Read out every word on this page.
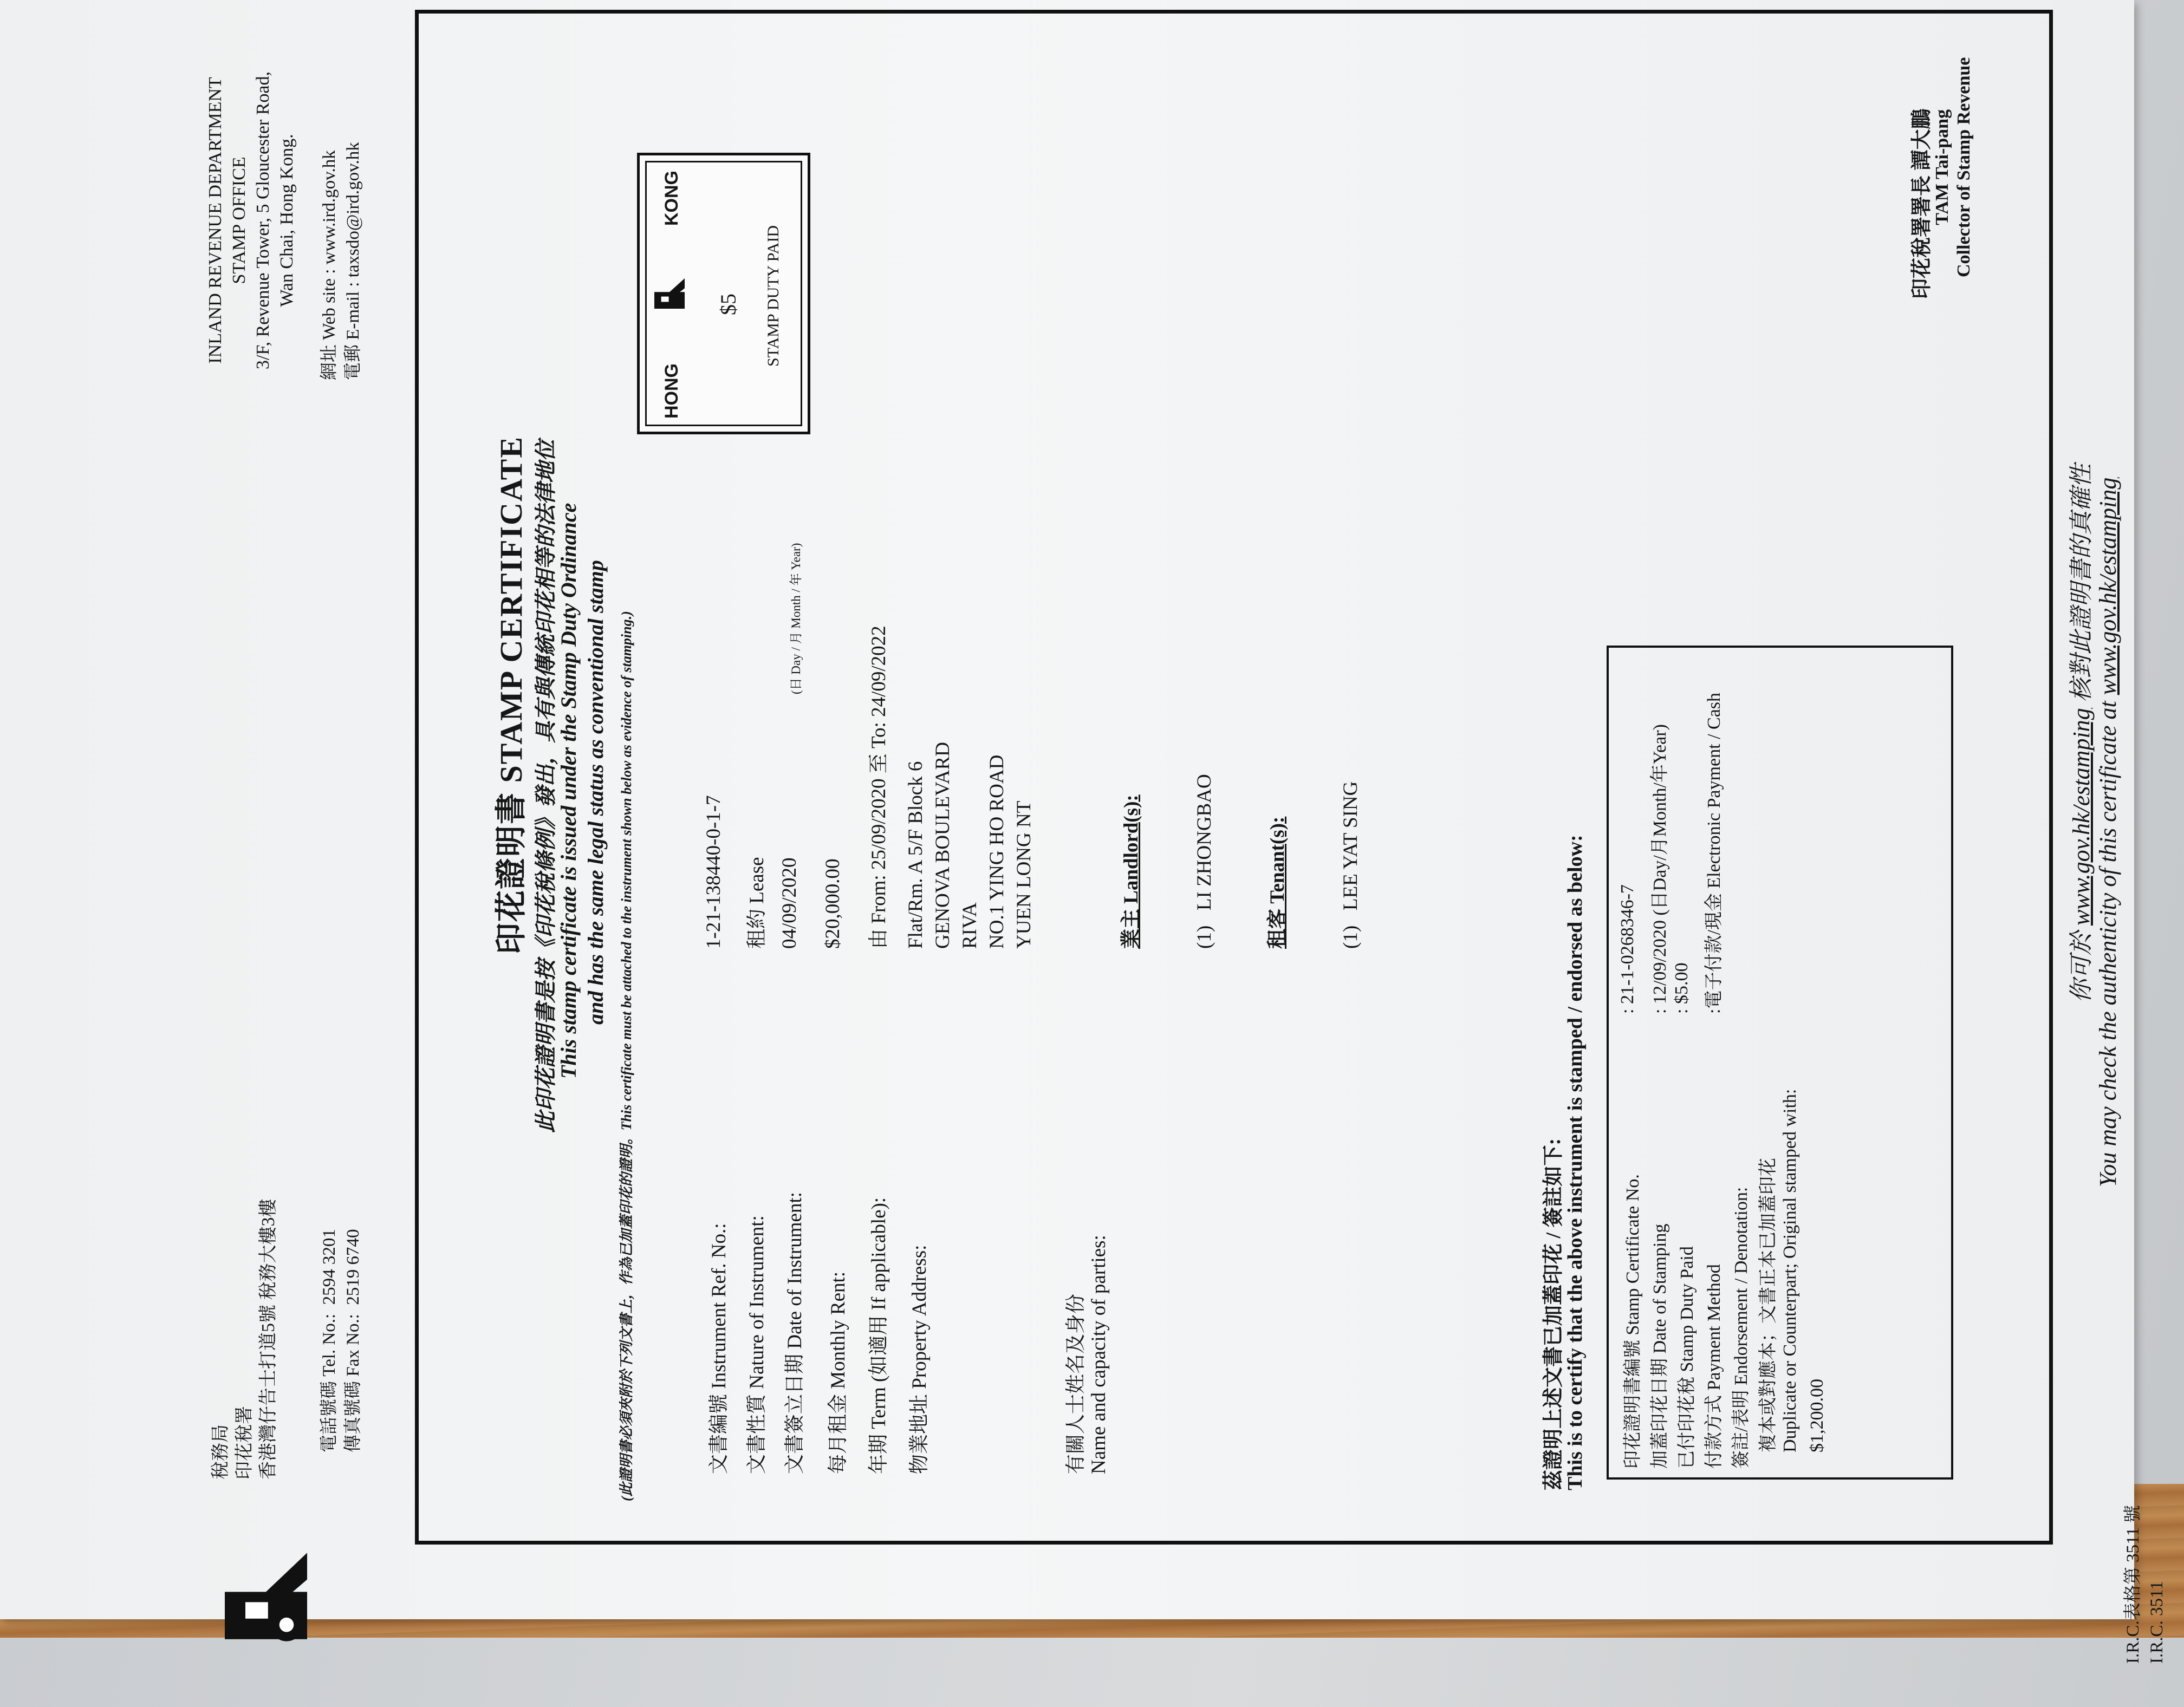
稅務局 印花稅署 香港灣仔告士打道5號 稅務大樓3樓
INLAND REVENUE DEPARTMENT STAMP OFFICE 3/F, Revenue Tower, 5 Gloucester Road, Wan Chai, Hong Kong.
電話號碼 Tel. No.:  2594 3201
傳真號碼 Fax No.:  2519 6740
網址 Web site : www.ird.gov.hk
電郵 E-mail : taxsdo@ird.gov.hk
印花證明書 STAMP CERTIFICATE 此印花證明書是按《印花稅條例》發出，具有與傳統印花相等的法律地位
This stamp certificate is issued under the Stamp Duty Ordinance and has the same legal status as conventional stamp (此證明書必須夾附於下列文書上，作為已加蓋印花的證明。This certificate must be attached to the instrument shown below as evidence of stamping.)
HONG
KONG
$5 STAMP DUTY PAID
文書編號 Instrument Ref. No.:
1-21-138440-0-1-7
文書性質 Nature of Instrument:
租約 Lease
文書簽立日期 Date of Instrument:
04/09/2020
(日 Day / 月 Month / 年 Year)
每月租金 Monthly Rent:
$20,000.00
年期 Term (如適用 If applicable):
由 From: 25/09/2020 至 To: 24/09/2022
物業地址 Property Address:
Flat/Rm. A 5/F Block 6
GENOVA BOULEVARD
RIVA
NO.1 YING HO ROAD
YUEN LONG NT
有關人士姓名及身份 Name and capacity of parties:

業主 Landlord(s):

	(1)   LI ZHONGBAO

	租客 Tenant(s):

	(1)   LEE YAT SING

茲證明上述文書已加蓋印花 / 簽註如下:
This is to certify that the above instrument is stamped / endorsed as below: 印花證明書編號 Stamp Certificate No.
: 21-1-0268346-7
加蓋印花日期 Date of Stamping
: 12/09/2020 (日Day/月Month/年Year)
已付印花稅 Stamp Duty Paid
: $5.00
付款方式 Payment Method
:電子付款/現金 Electronic Payment / Cash
簽註/表明 Endorsement / Denotation: 複本或對應本；文書正本已加蓋印花 Duplicate or Counterpart; Original stamped with: $1,200.00
印花稅署署長 譚大鵬
TAM Tai-pang Collector of Stamp Revenue
你可於 www.gov.hk/estamping 核對此證明書的真確性
You may check the authenticity of this certificate at www.gov.hk/estamping
I.R.C.表格第 3511 號 I.R.C. 3511
